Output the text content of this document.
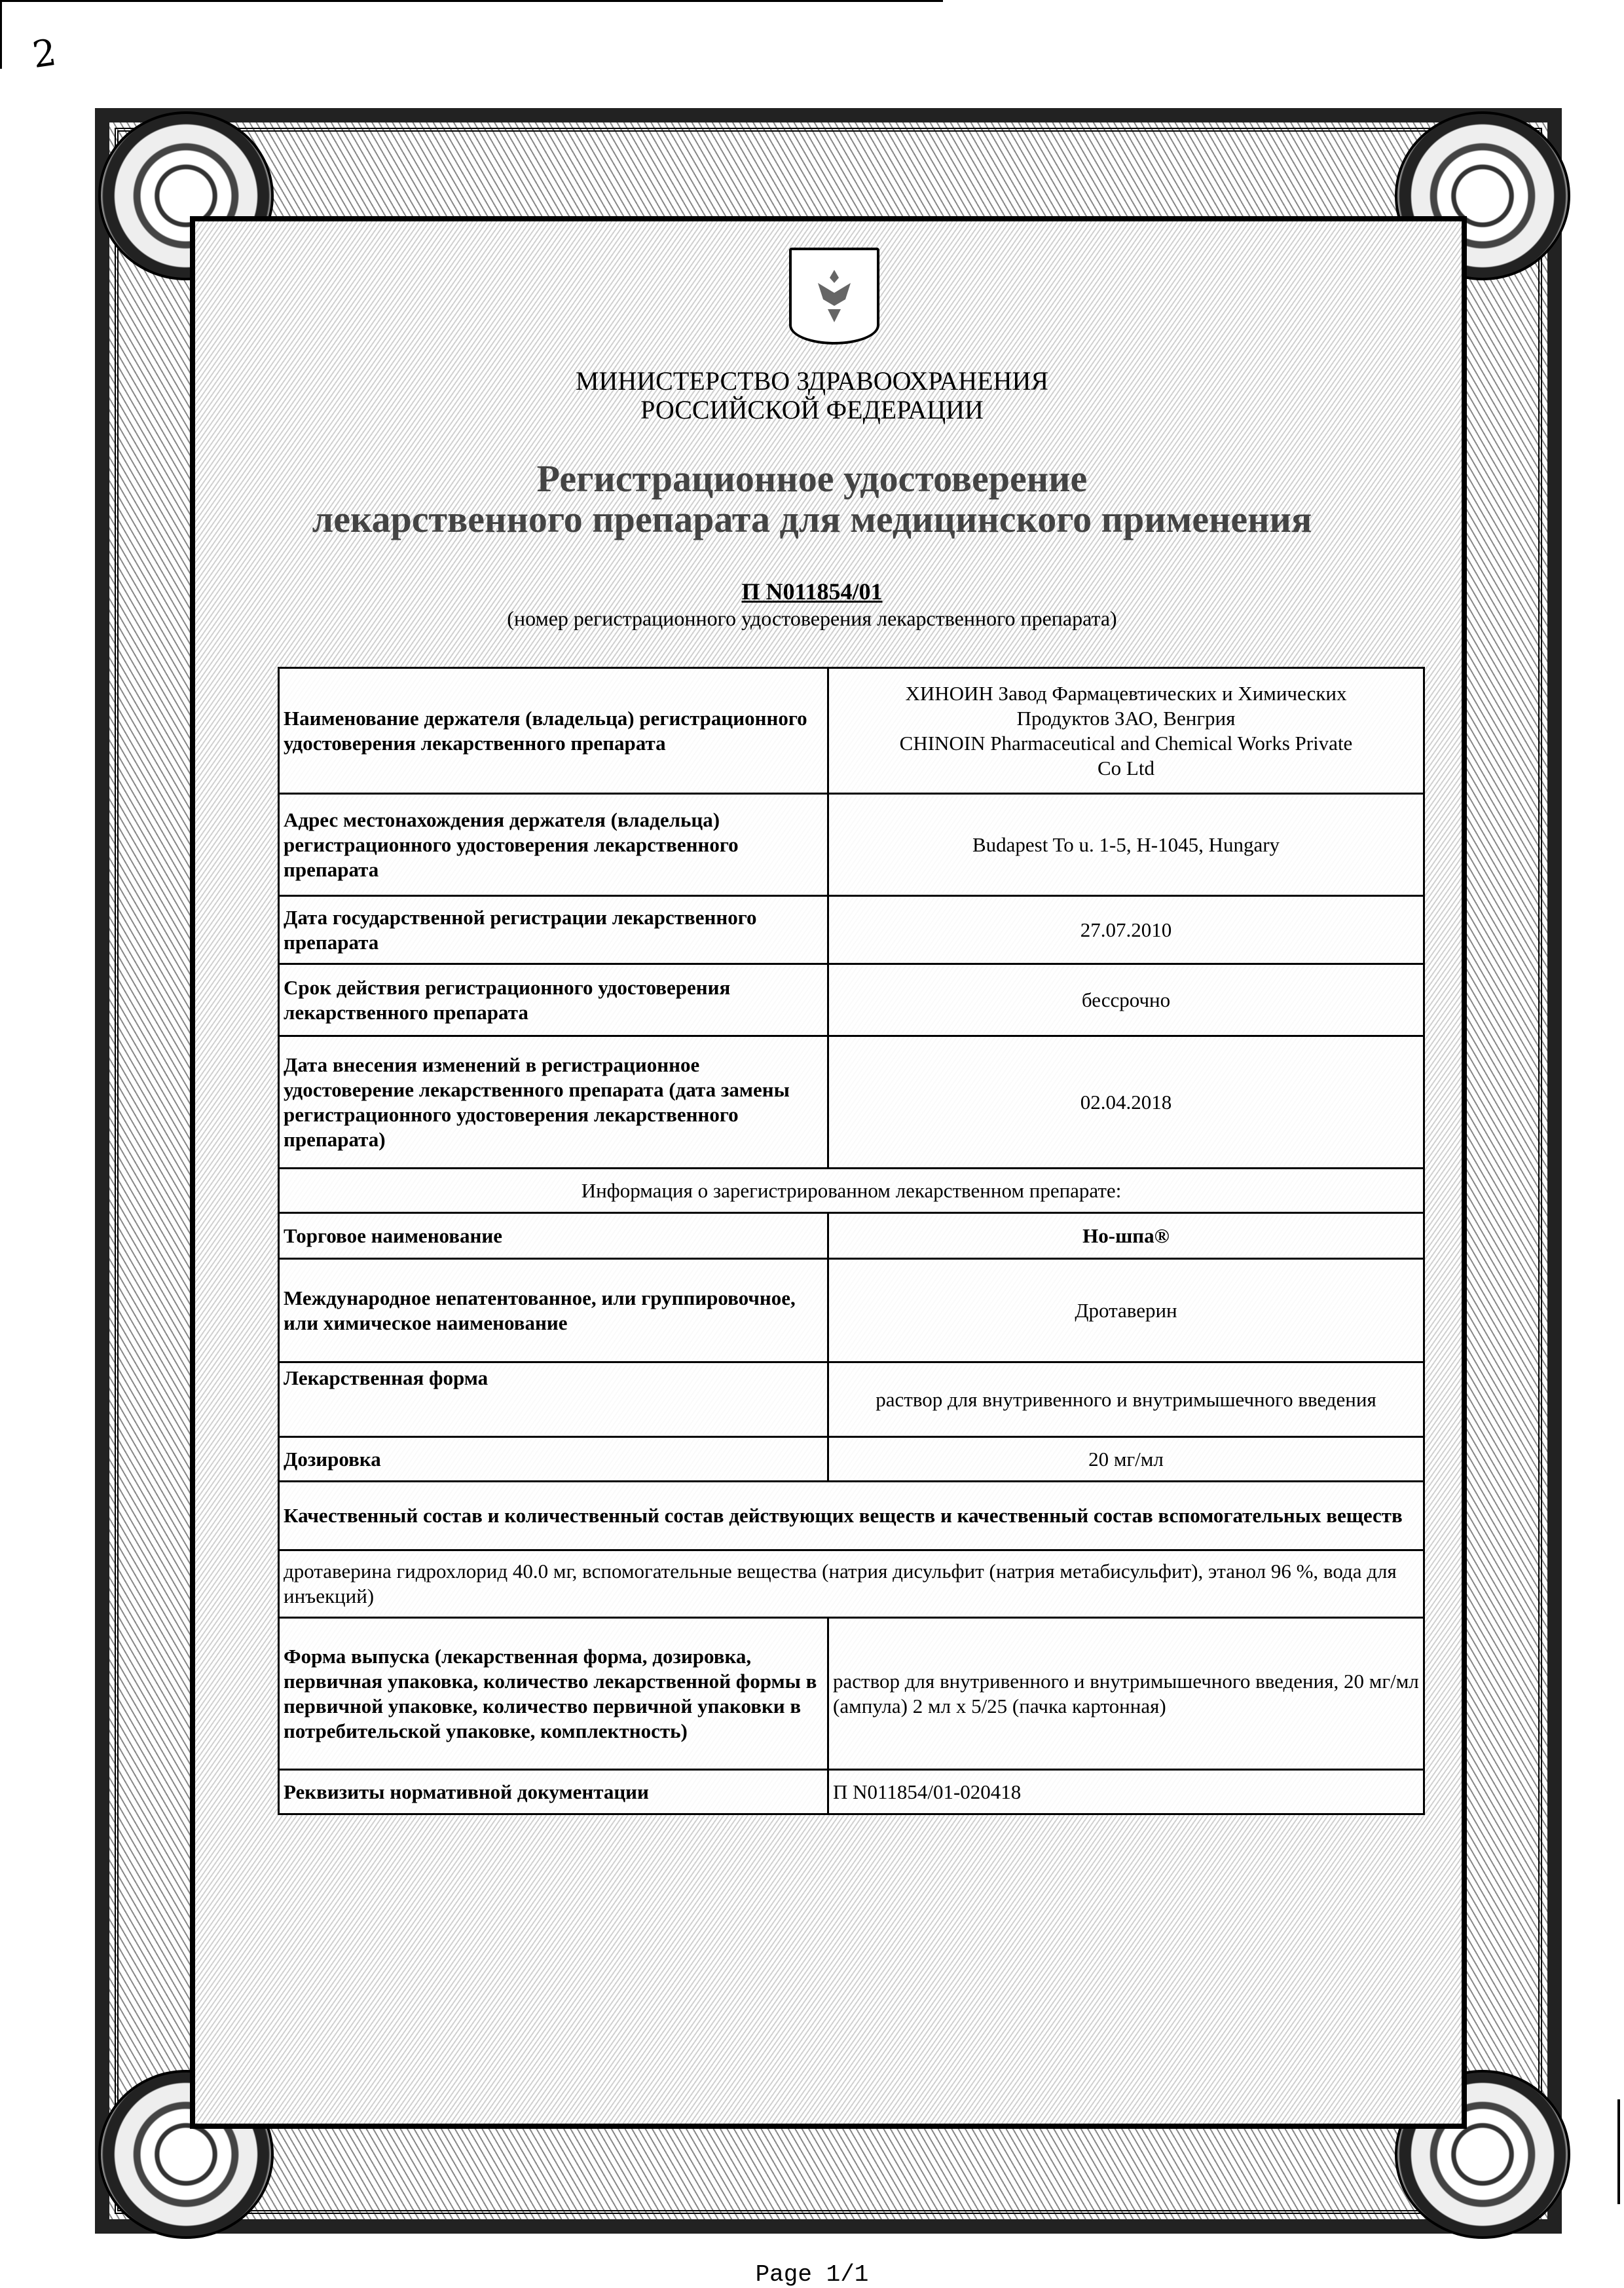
2
МИНИСТЕРСТВО ЗДРАВООХРАНЕНИЯ
РОССИЙСКОЙ ФЕДЕРАЦИИ
Регистрационное удостоверение
лекарственного препарата для медицинского применения
П N011854/01
(номер регистрационного удостоверения лекарственного препарата)
Наименование держателя (владельца) регистрационного удостоверения лекарственного препарата	ХИНОИН Завод Фармацевтических и Химических
Продуктов ЗАО, Венгрия
CHINOIN Pharmaceutical and Chemical Works Private
Co Ltd

Адрес местонахождения держателя (владельца) регистрационного удостоверения лекарственного препарата	Budapest To u. 1-5, H-1045, Hungary
Дата государственной регистрации лекарственного препарата	27.07.2010
Срок действия регистрационного удостоверения лекарственного препарата	бессрочно
Дата внесения изменений в регистрационное удостоверение лекарственного препарата (дата замены регистрационного удостоверения лекарственного препарата)	02.04.2018
Информация о зарегистрированном лекарственном препарате:	
Торговое наименование	Но-шпа®
Международное непатентованное, или группировочное, или химическое наименование	Дротаверин
Лекарственная форма	раствор для внутривенного и внутримышечного введения
Дозировка	20 мг/мл
Качественный состав и количественный состав действующих веществ и качественный состав вспомогательных веществ	
дротаверина гидрохлорид 40.0 мг, вспомогательные вещества (натрия дисульфит (натрия метабисульфит), этанол 96 %, вода для инъекций)	
Форма выпуска (лекарственная форма, дозировка, первичная упаковка, количество лекарственной формы в первичной упаковке, количество первичной упаковки в потребительской упаковке, комплектность)	раствор для внутривенного и внутримышечного введения, 20 мг/мл (ампула) 2 мл x 5/25 (пачка картонная)
Реквизиты нормативной документации	П N011854/01-020418
Page 1/1
